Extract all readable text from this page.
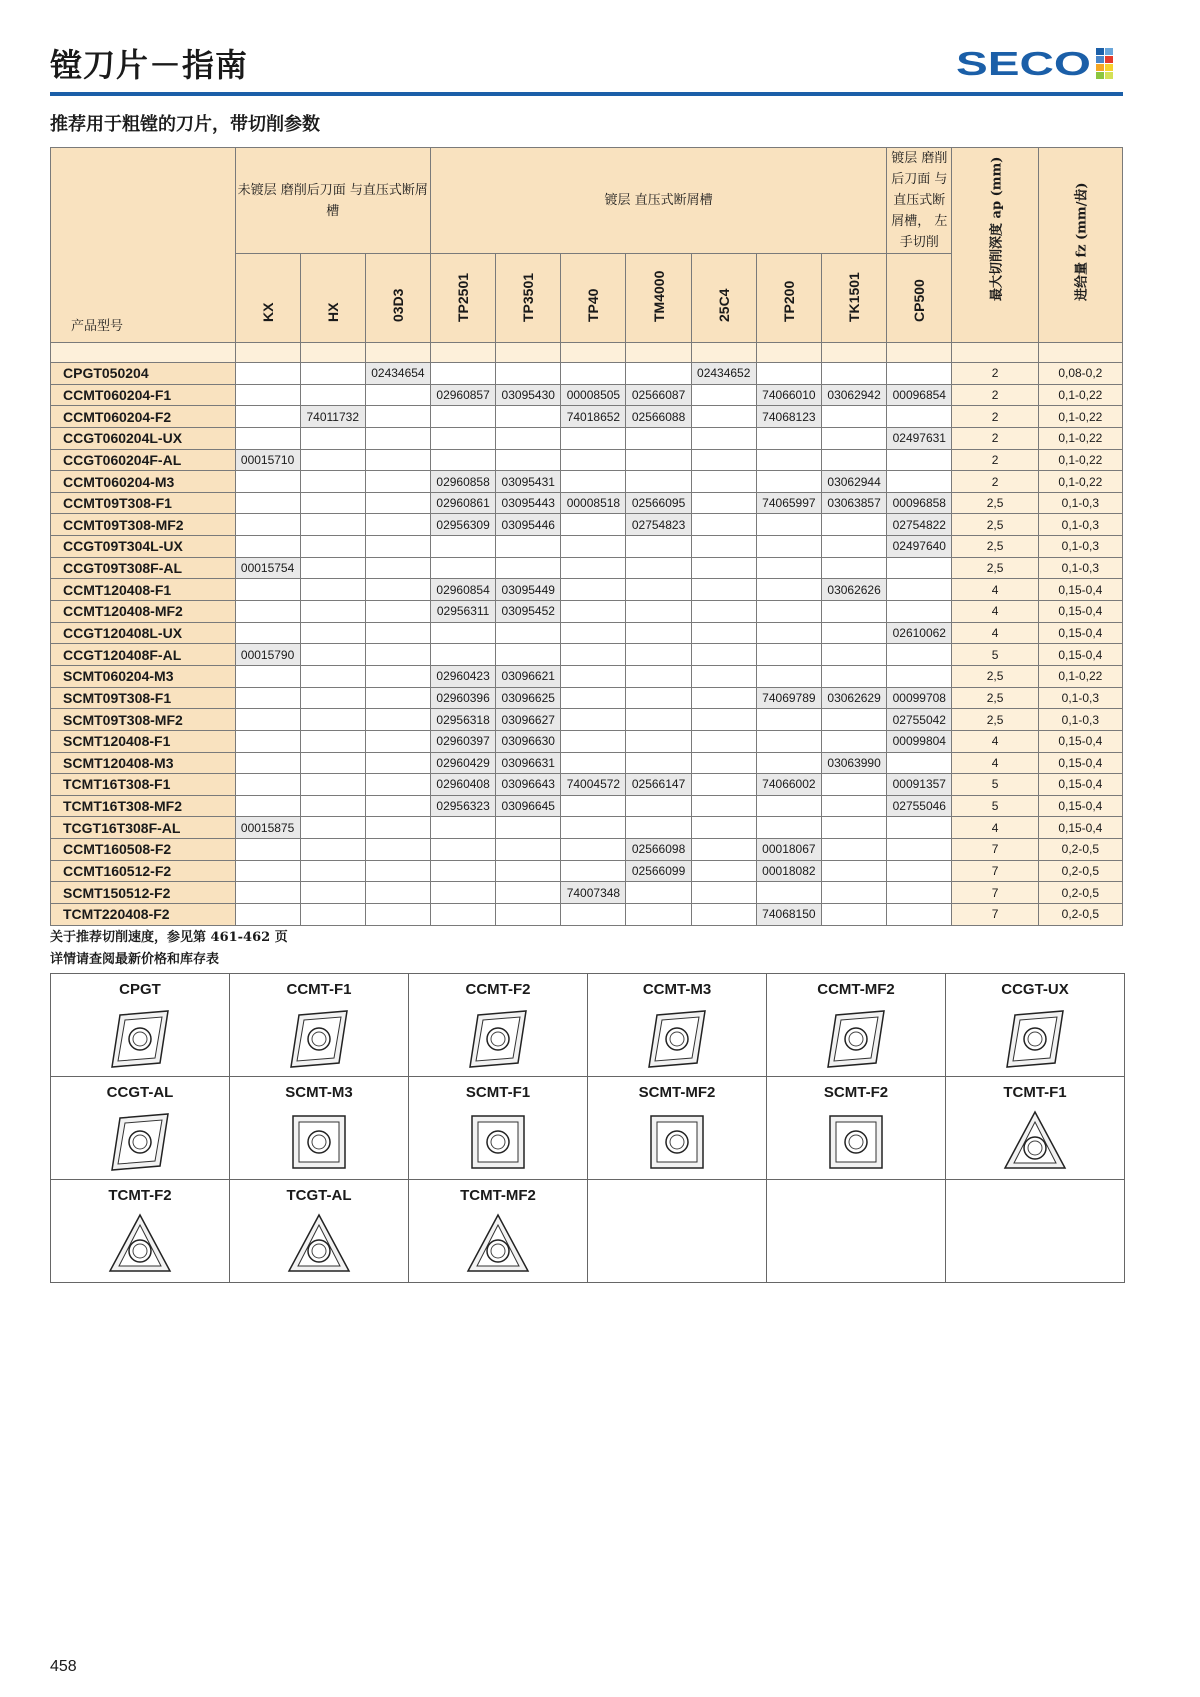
镗刀片－指南	SECO
推荐用于粗镗的刀片，带切削参数
产品型号	未镀层 磨削后刀面 与直压式断屑槽			镀层 直压式断屑槽							镀层 磨削后刀面 与直压式断屑槽， 左手切削	最大切削深度 ap (mm)	进给量 fz (mm/齿)

	KX	HX	03D3	TP2501	TP3501	TP40	TM4000	25C4	TP200	TK1501	CP500		

CPGT050204			02434654					02434652				2	0,08-0,2
CCMT060204-F1				02960857	03095430	00008505	02566087		74066010	03062942	00096854	2	0,1-0,22
CCMT060204-F2		74011732				74018652	02566088		74068123			2	0,1-0,22
CCGT060204L-UX											02497631	2	0,1-0,22
CCGT060204F-AL	00015710											2	0,1-0,22
CCMT060204-M3				02960858	03095431					03062944		2	0,1-0,22
CCMT09T308-F1				02960861	03095443	00008518	02566095		74065997	03063857	00096858	2,5	0,1-0,3
CCMT09T308-MF2				02956309	03095446		02754823				02754822	2,5	0,1-0,3
CCGT09T304L-UX											02497640	2,5	0,1-0,3
CCGT09T308F-AL	00015754											2,5	0,1-0,3
CCMT120408-F1				02960854	03095449					03062626		4	0,15-0,4
CCMT120408-MF2				02956311	03095452							4	0,15-0,4
CCGT120408L-UX											02610062	4	0,15-0,4
CCGT120408F-AL	00015790											5	0,15-0,4
SCMT060204-M3				02960423	03096621							2,5	0,1-0,22
SCMT09T308-F1				02960396	03096625				74069789	03062629	00099708	2,5	0,1-0,3
SCMT09T308-MF2				02956318	03096627						02755042	2,5	0,1-0,3
SCMT120408-F1				02960397	03096630						00099804	4	0,15-0,4
SCMT120408-M3				02960429	03096631					03063990		4	0,15-0,4
TCMT16T308-F1				02960408	03096643	74004572	02566147		74066002		00091357	5	0,15-0,4
TCMT16T308-MF2				02956323	03096645						02755046	5	0,15-0,4
TCGT16T308F-AL	00015875											4	0,15-0,4
CCMT160508-F2							02566098		00018067			7	0,2-0,5
CCMT160512-F2							02566099		00018082			7	0,2-0,5
SCMT150512-F2						74007348						7	0,2-0,5
TCMT220408-F2									74068150			7	0,2-0,5
关于推荐切削速度，参见第 461-462 页
详情请查阅最新价格和库存表
CPGT	CCMT-F1	CCMT-F2	CCMT-M3	CCMT-MF2	CCGT-UX

CCGT-AL	SCMT-M3	SCMT-F1	SCMT-MF2	SCMT-F2	TCMT-F1

TCMT-F2	TCGT-AL	TCMT-MF2			

458
